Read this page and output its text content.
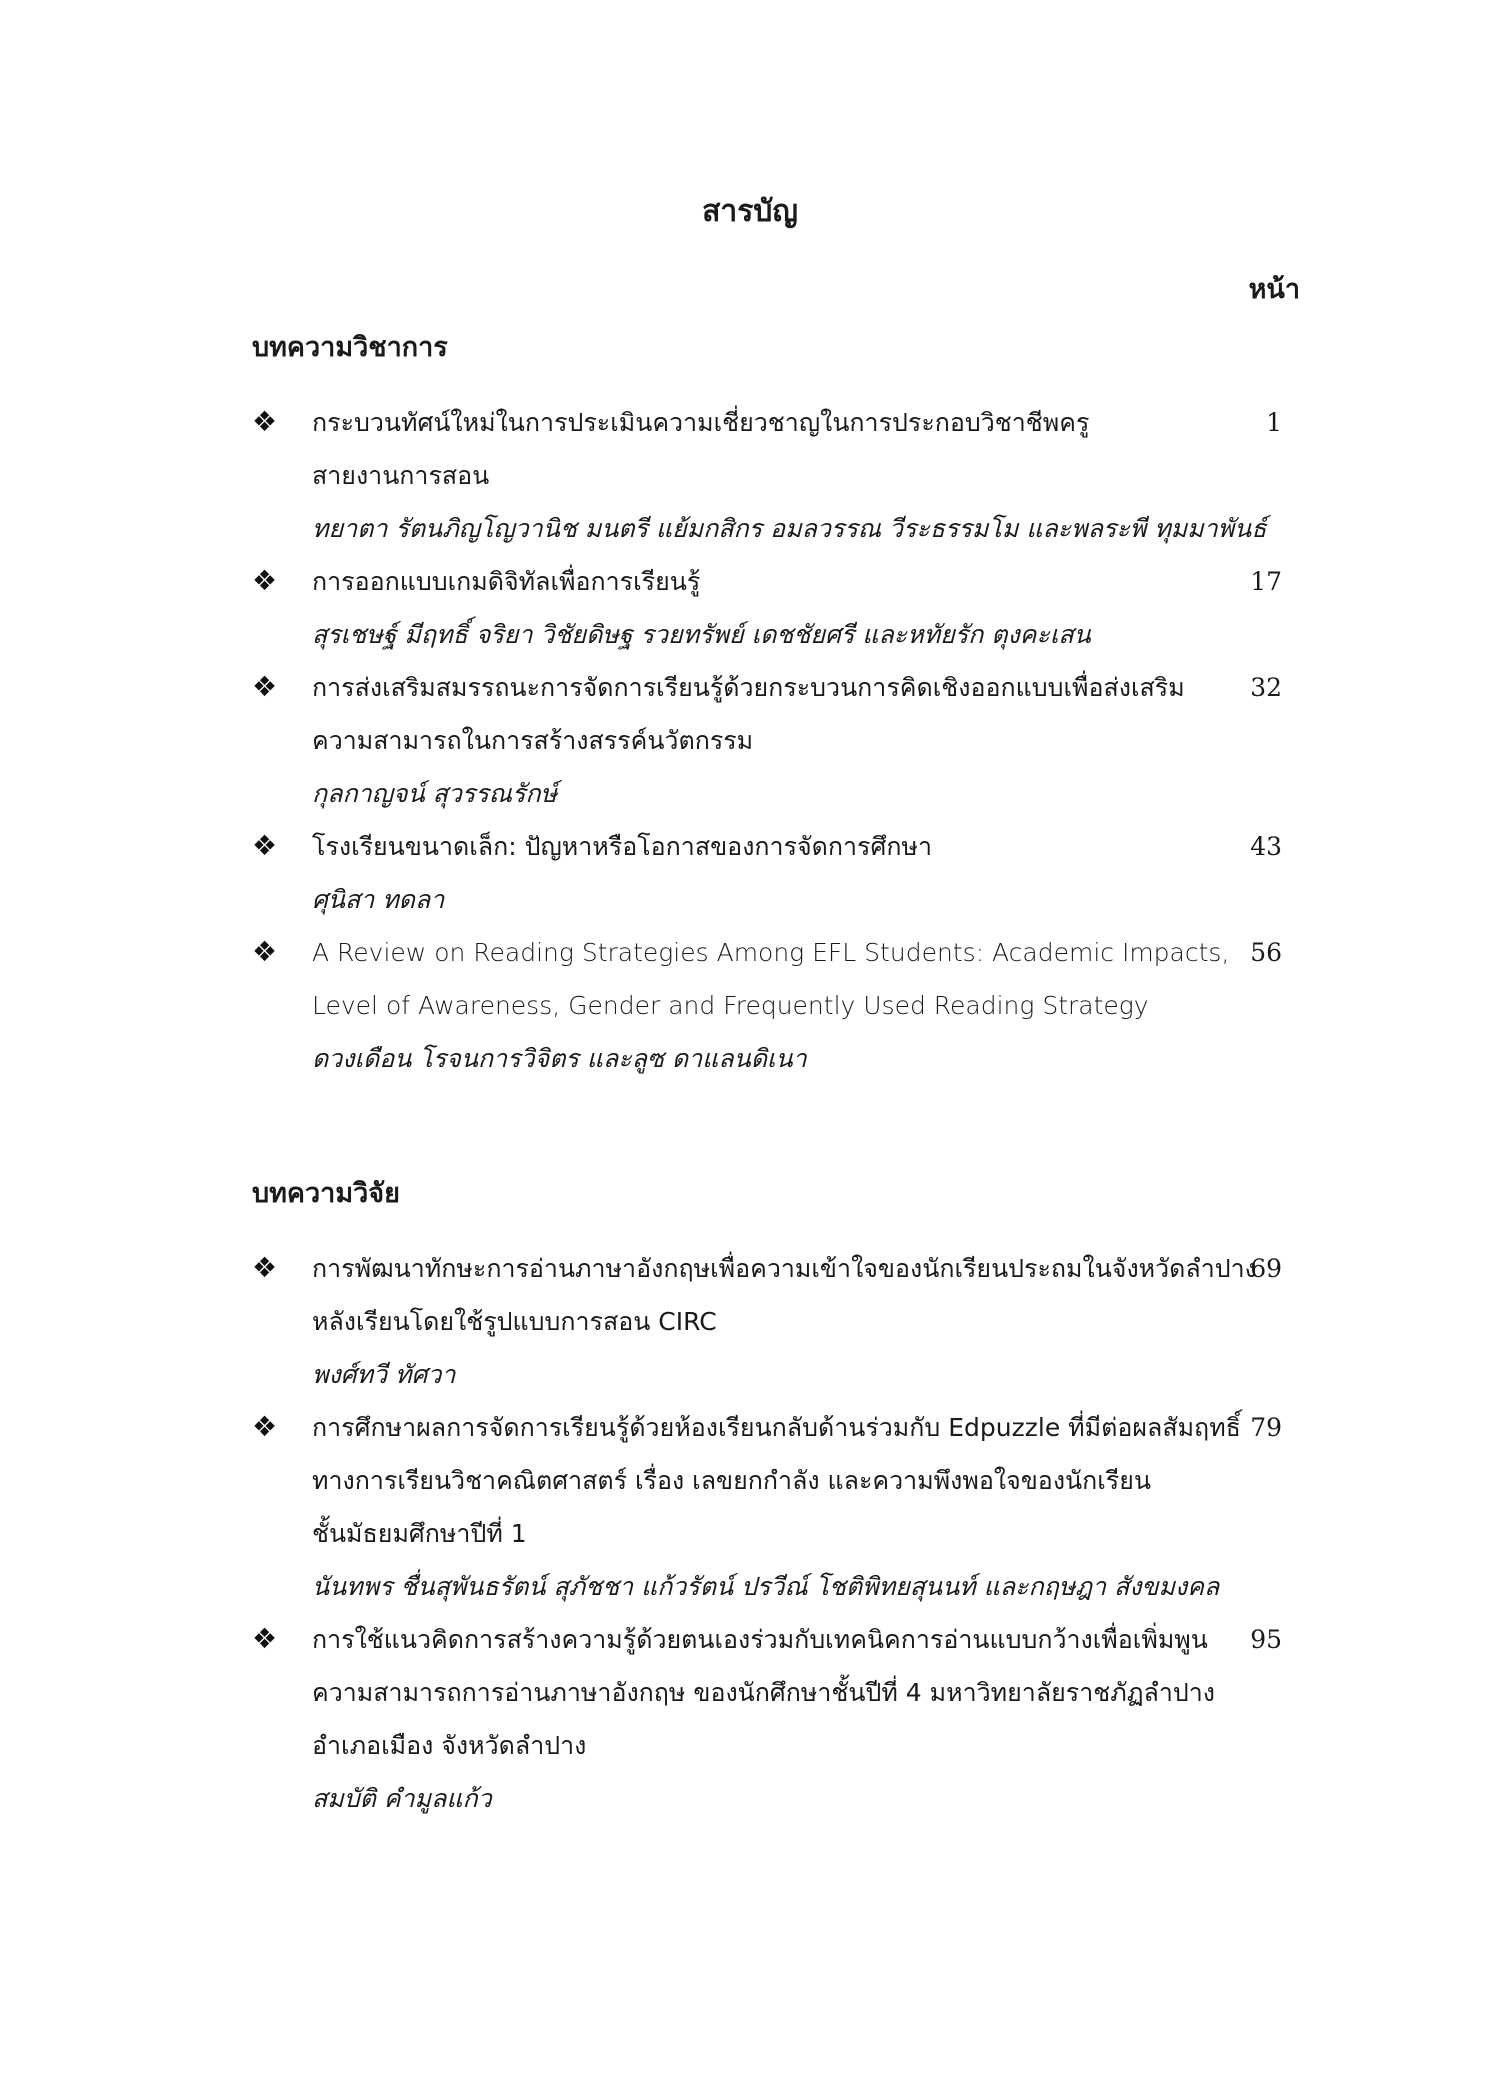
สารบัญ
หน้า
บทความวิชาการ
❖ กระบวนทัศน์ใหม่ในการประเมินความเชี่ยวชาญในการประกอบวิชาชีพครู
สายงานการสอน
ทยาตา รัตนภิญโญวานิช มนตรี แย้มกสิกร อมลวรรณ วีระธรรมโม และพลระพี ทุมมาพันธ์
1
❖ การออกแบบเกมดิจิทัลเพื่อการเรียนรู้
สุรเชษฐ์ มีฤทธิ์ จริยา วิชัยดิษฐ รวยทรัพย์ เดชชัยศรี และหทัยรัก ตุงคะเสน
17
❖ การส่งเสริมสมรรถนะการจัดการเรียนรู้ด้วยกระบวนการคิดเชิงออกแบบเพื่อส่งเสริม
ความสามารถในการสร้างสรรค์นวัตกรรม
กุลกาญจน์ สุวรรณรักษ์
32
❖ โรงเรียนขนาดเล็ก: ปัญหาหรือโอกาสของการจัดการศึกษา
ศุนิสา ทดลา
43
❖ A Review on Reading Strategies Among EFL Students: Academic Impacts,
Level of Awareness, Gender and Frequently Used Reading Strategy
ดวงเดือน โรจนการวิจิตร และลูซ ดาแลนดิเนา
56
บทความวิจัย
❖ การพัฒนาทักษะการอ่านภาษาอังกฤษเพื่อความเข้าใจของนักเรียนประถมในจังหวัดลำปาง
หลังเรียนโดยใช้รูปแบบการสอน CIRC
พงศ์ทวี ทัศวา
69
❖ การศึกษาผลการจัดการเรียนรู้ด้วยห้องเรียนกลับด้านร่วมกับ Edpuzzle ที่มีต่อผลสัมฤทธิ์
ทางการเรียนวิชาคณิตศาสตร์ เรื่อง เลขยกกำลัง และความพึงพอใจของนักเรียน
ชั้นมัธยมศึกษาปีที่ 1
นันทพร ชื่นสุพันธรัตน์ สุภัชชา แก้วรัตน์ ปรวีณ์ โชติพิทยสุนนท์ และกฤษฎา สังขมงคล
79
❖ การใช้แนวคิดการสร้างความรู้ด้วยตนเองร่วมกับเทคนิคการอ่านแบบกว้างเพื่อเพิ่มพูน
ความสามารถการอ่านภาษาอังกฤษ ของนักศึกษาชั้นปีที่ 4 มหาวิทยาลัยราชภัฏลำปาง
อำเภอเมือง จังหวัดลำปาง
สมบัติ คำมูลแก้ว
95
